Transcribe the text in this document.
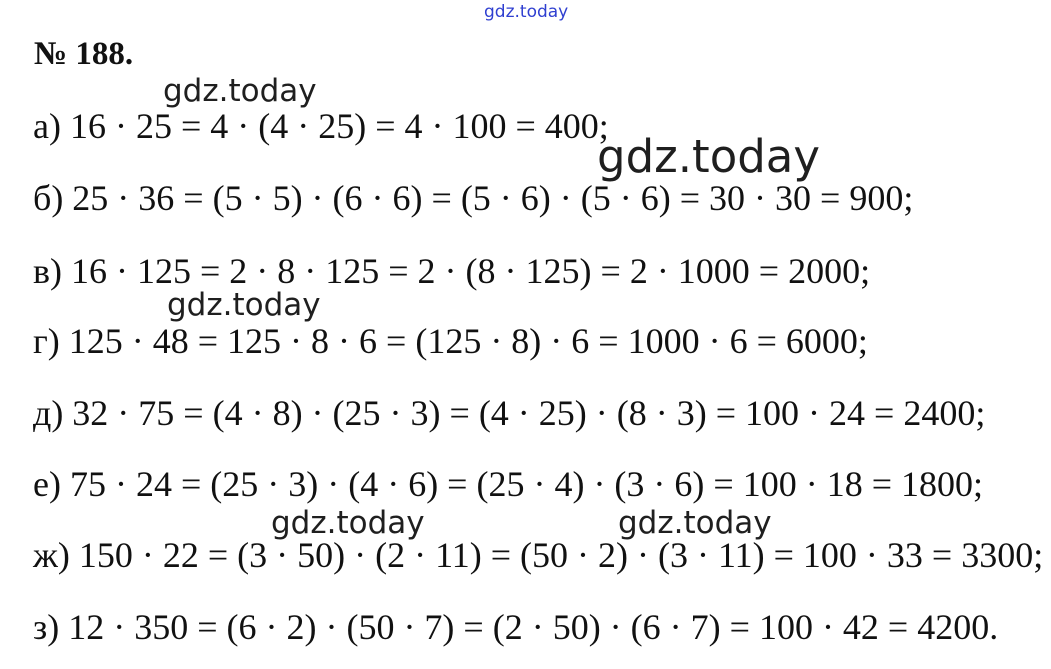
gdz.today
№ 188.
а) 16 · 25 = 4 · (4 · 25) = 4 · 100 = 400;
б) 25 · 36 = (5 · 5) · (6 · 6) = (5 · 6) · (5 · 6) = 30 · 30 = 900;
в) 16 · 125 = 2 · 8 · 125 = 2 · (8 · 125) = 2 · 1000 = 2000;
г) 125 · 48 = 125 · 8 · 6 = (125 · 8) · 6 = 1000 · 6 = 6000;
д) 32 · 75 = (4 · 8) · (25 · 3) = (4 · 25) · (8 · 3) = 100 · 24 = 2400;
е) 75 · 24 = (25 · 3) · (4 · 6) = (25 · 4) · (3 · 6) = 100 · 18 = 1800;
ж) 150 · 22 = (3 · 50) · (2 · 11) = (50 · 2) · (3 · 11) = 100 · 33 = 3300;
з) 12 · 350 = (6 · 2) · (50 · 7) = (2 · 50) · (6 · 7) = 100 · 42 = 4200.
gdz.today
gdz.today
gdz.today
gdz.today	gdz.today
